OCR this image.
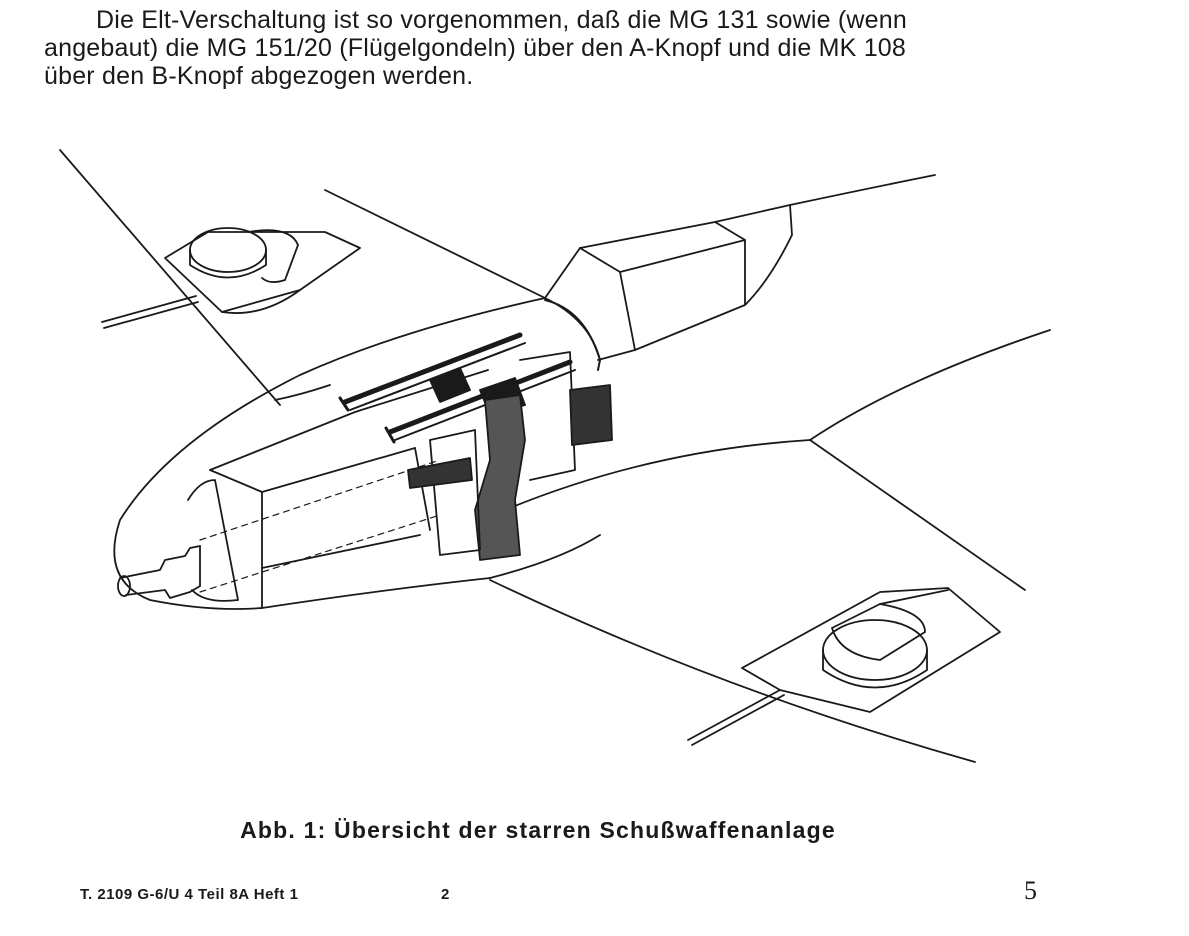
Die Elt-Verschaltung ist so vorgenommen, daß die MG 131 sowie (wenn
angebaut) die MG 151/20 (Flügelgondeln) über den A-Knopf und die MK 108
über den B-Knopf abgezogen werden.

Abb. 1: Übersicht der starren Schußwaffenanlage

T. 2109 G-6/U 4 Teil 8A Heft 1	2	5
